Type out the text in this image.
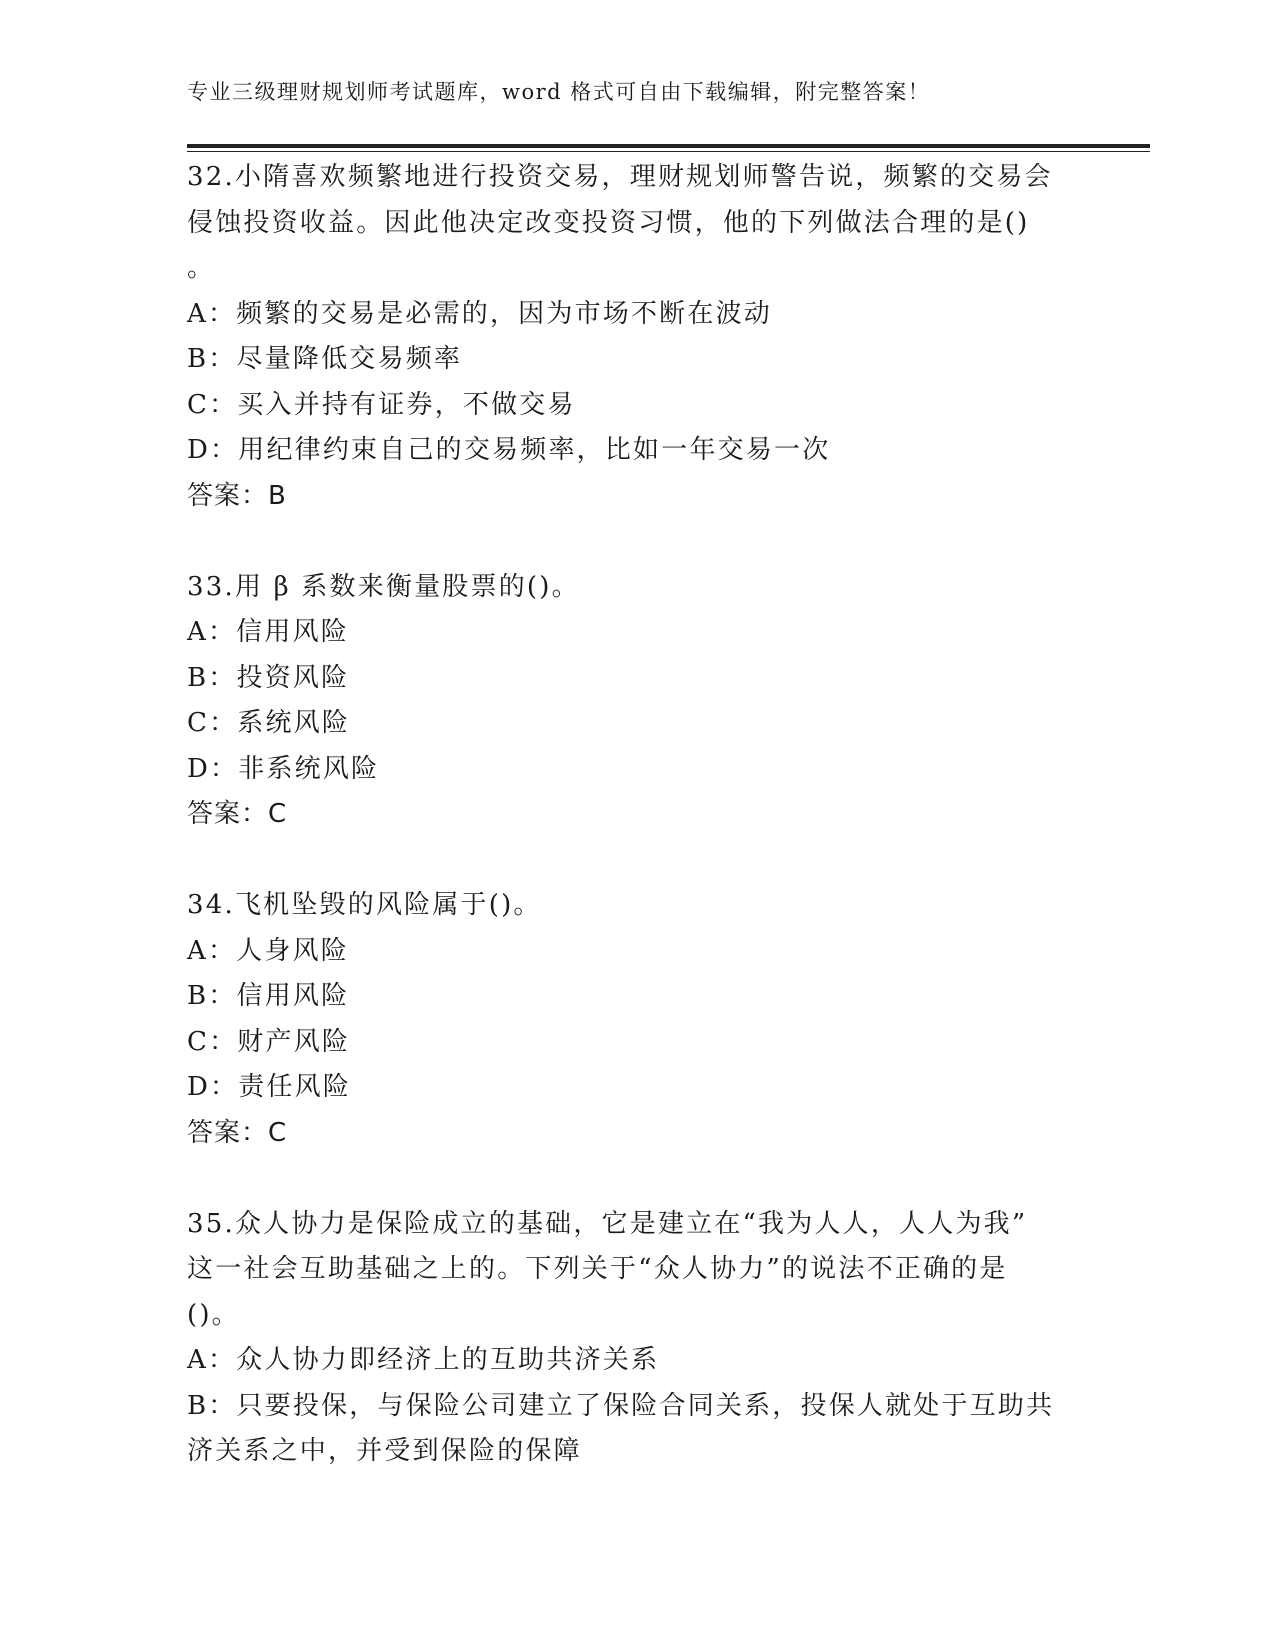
专业三级理财规划师考试题库，word 格式可自由下载编辑，附完整答案！
32.小隋喜欢频繁地进行投资交易，理财规划师警告说，频繁的交易会
侵蚀投资收益。因此他决定改变投资习惯，他的下列做法合理的是()
。
A：频繁的交易是必需的，因为市场不断在波动
B：尽量降低交易频率
C：买入并持有证券，不做交易
D：用纪律约束自己的交易频率，比如一年交易一次
答案：B
33.用 β 系数来衡量股票的()。
A：信用风险
B：投资风险
C：系统风险
D：非系统风险
答案：C
34.飞机坠毁的风险属于()。
A：人身风险
B：信用风险
C：财产风险
D：责任风险
答案：C
35.众人协力是保险成立的基础，它是建立在“我为人人，人人为我”
这一社会互助基础之上的。下列关于“众人协力”的说法不正确的是
()。
A：众人协力即经济上的互助共济关系
B：只要投保，与保险公司建立了保险合同关系，投保人就处于互助共
济关系之中，并受到保险的保障
